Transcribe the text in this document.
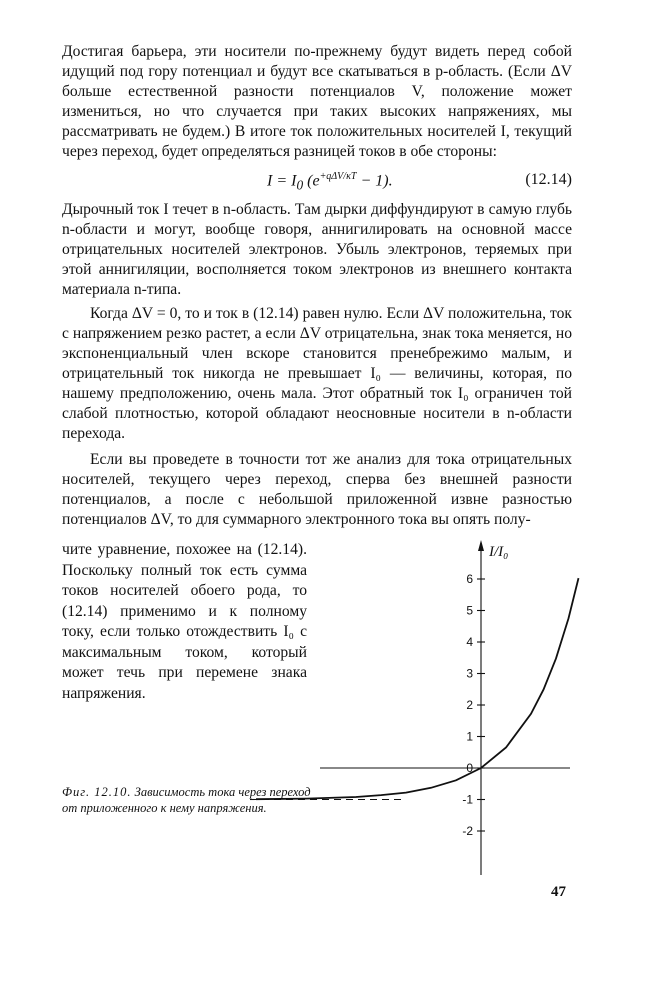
Достигая барьера, эти носители по-прежнему будут видеть перед собой идущий под гору потенциал и будут все скатываться в p-область. (Если ΔV больше естественной разности потенциалов V, положение может измениться, но что случается при таких высоких напряжениях, мы рассматривать не будем.) В итоге ток положительных носителей I, текущий через переход, будет определяться разницей токов в обе стороны:
$I = I_0$ $(e^{+q\Delta V/\kappa T} - 1)$.	(12.14)
Дырочный ток I течет в n-область. Там дырки диффундируют в самую глубь n-области и могут, вообще говоря, аннигилировать на основной массе отрицательных носителей электронов. Убыль электронов, теряемых при этой аннигиляции, восполняется током электронов из внешнего контакта материала n-типа.
Когда ΔV = 0, то и ток в (12.14) равен нулю. Если ΔV положительна, ток с напряжением резко растет, а если ΔV отрицательна, знак тока меняется, но экспоненциальный член вскоре становится пренебрежимо малым, и отрицательный ток никогда не превышает I₀ — величины, которая, по нашему предположению, очень мала. Этот обратный ток I₀ ограничен той слабой плотностью, которой обладают неосновные носители в n-области перехода.
Если вы проведете в точности тот же анализ для тока отрицательных носителей, текущего через переход, сперва без внешней разности потенциалов, а после с небольшой приложенной извне разностью потенциалов ΔV, то для суммарного электронного тока вы опять полу-
чите уравнение, похожее на (12.14). Поскольку полный ток есть сумма токов носителей обоего рода, то (12.14) применимо и к полному току, если только отождествить I₀ с максимальным током, который может течь при перемене знака напряжения.
I/I₀
6
5
4
3
2
1
0
-1
-2
Фиг. 12.10. Зависимость тока через переход от приложенного к нему напряжения.
47
